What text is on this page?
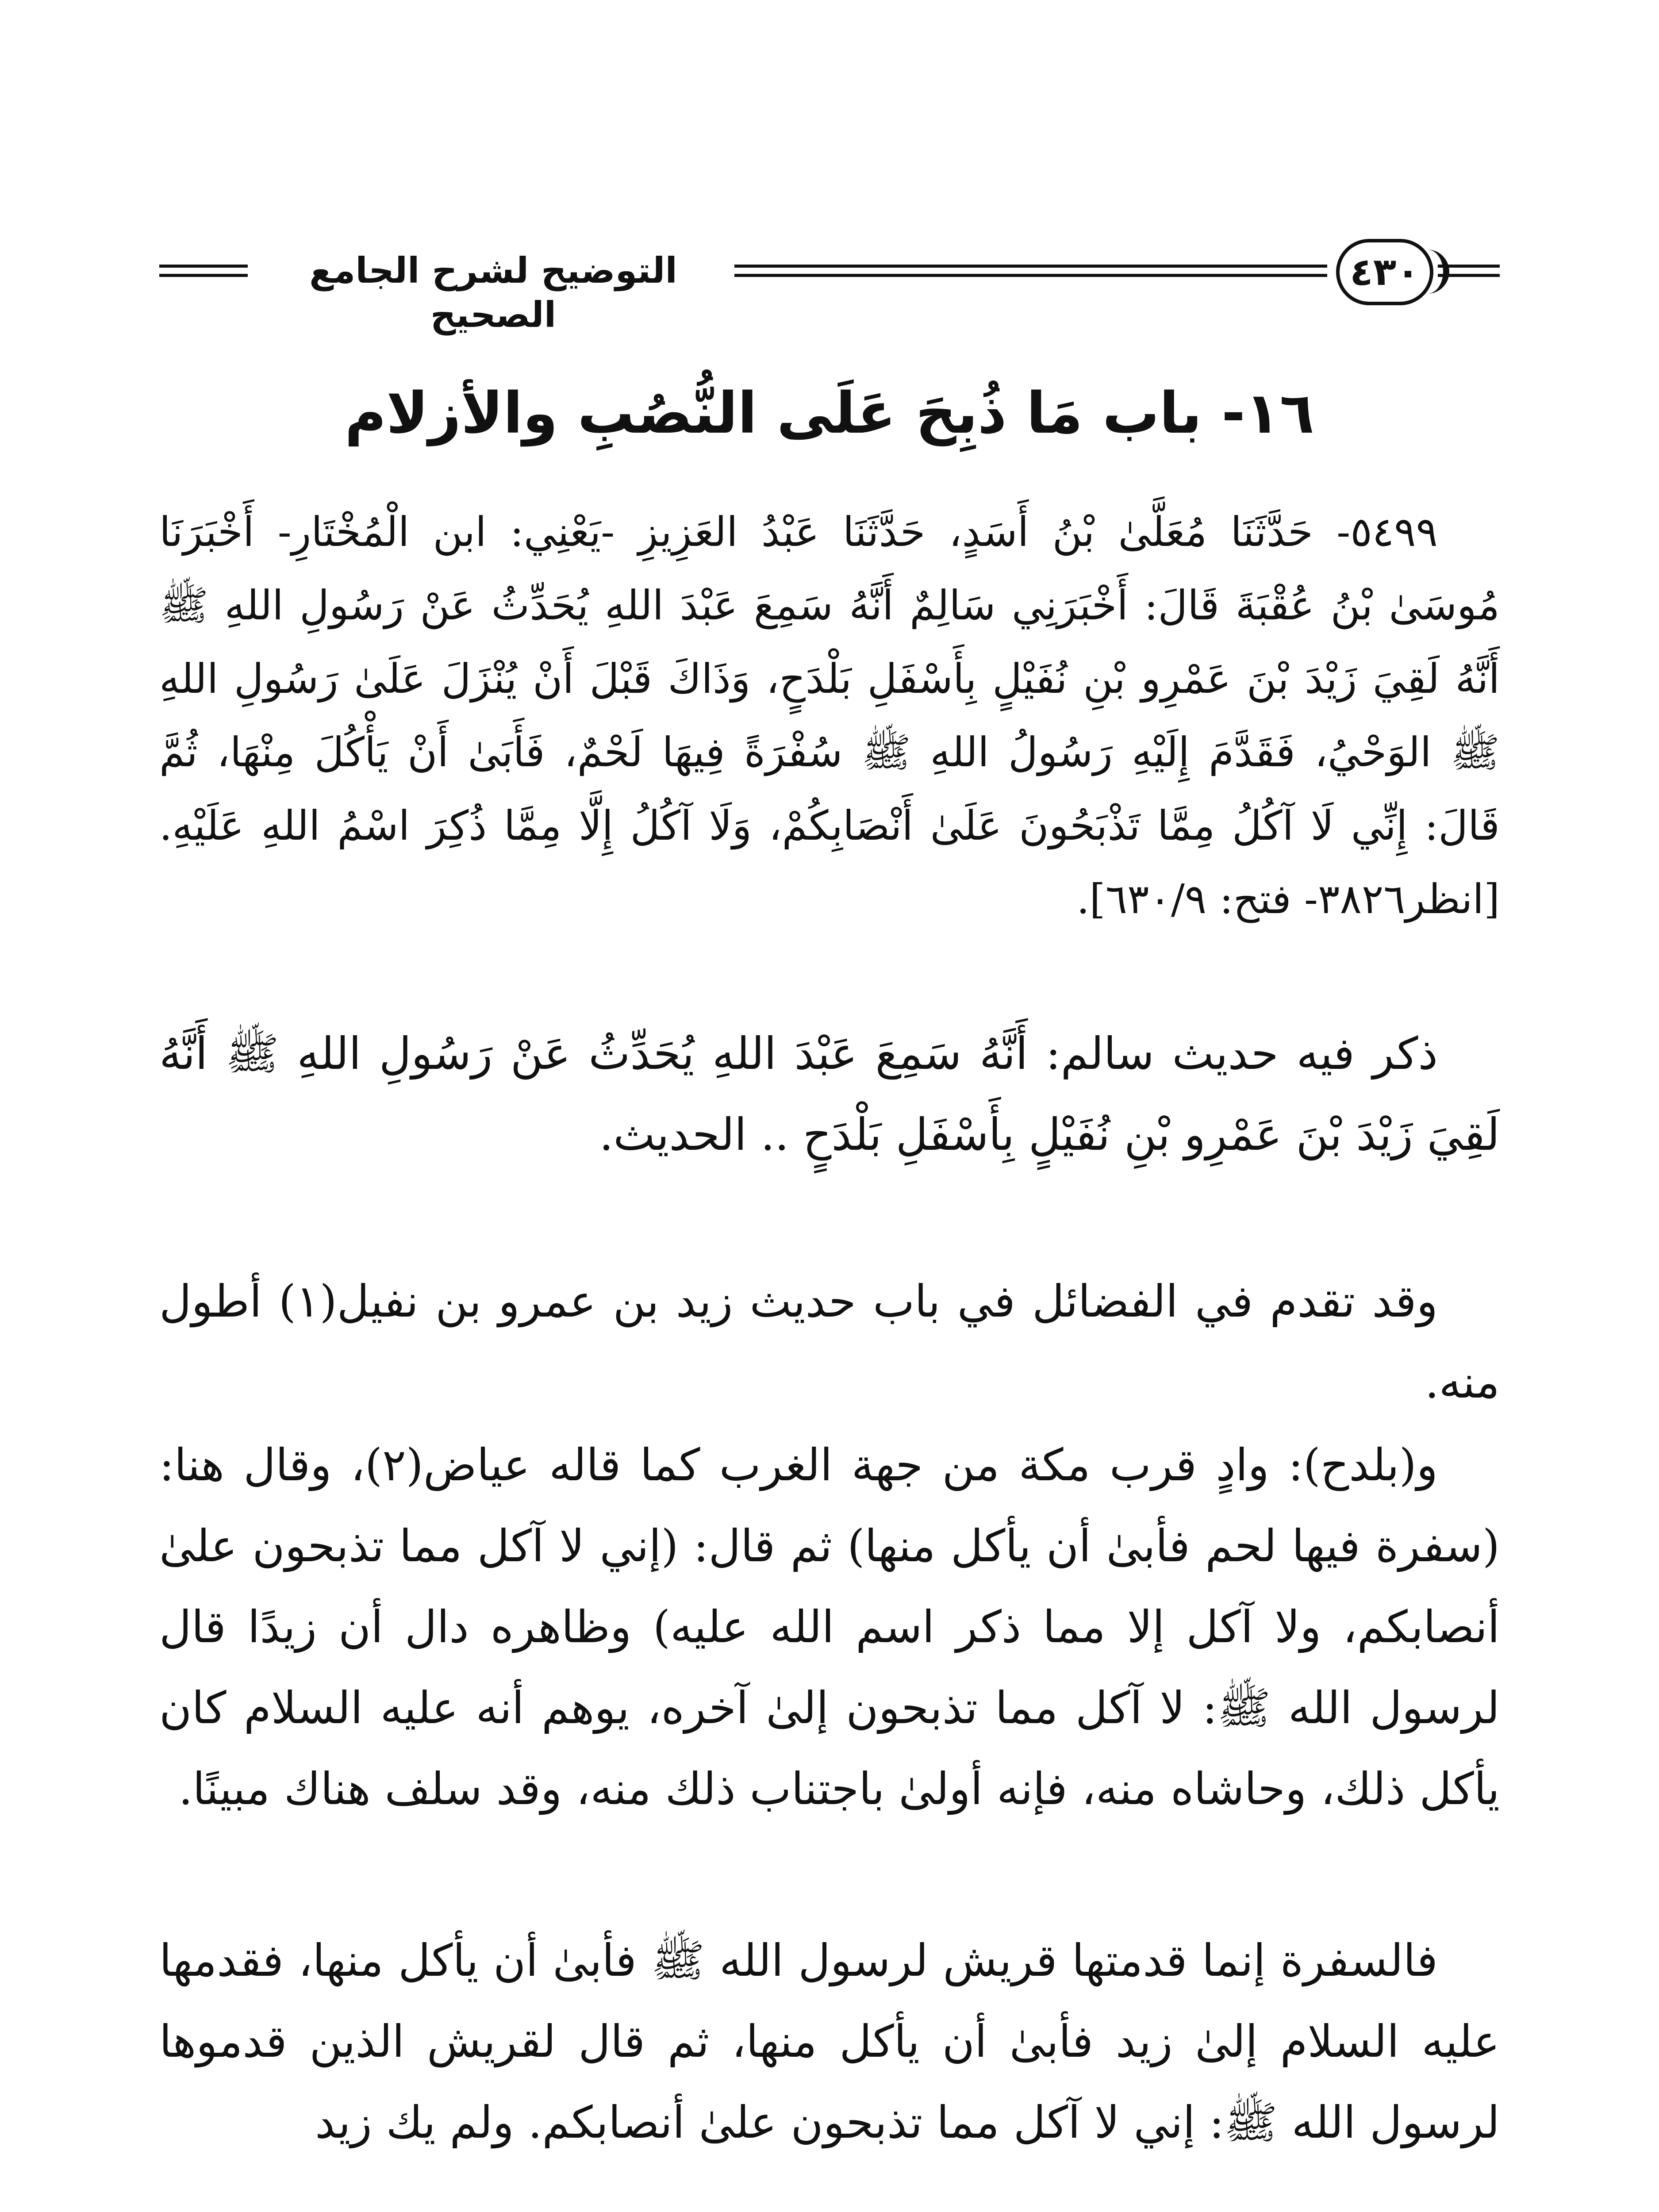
التوضيح لشرح الجامع الصحيح
٤٣٠
١٦- باب مَا ذُبِحَ عَلَى النُّصُبِ والأزلام

٥٤٩٩- حَدَّثَنَا مُعَلَّىٰ بْنُ أَسَدٍ، حَدَّثَنَا عَبْدُ العَزِيزِ -يَعْنِي: ابن الْمُخْتَارِ- أَخْبَرَنَا مُوسَىٰ بْنُ عُقْبَةَ قَالَ: أَخْبَرَنِي سَالِمٌ أَنَّهُ سَمِعَ عَبْدَ اللهِ يُحَدِّثُ عَنْ رَسُولِ اللهِ ﷺ أَنَّهُ لَقِيَ زَيْدَ بْنَ عَمْرِو بْنِ نُفَيْلٍ بِأَسْفَلِ بَلْدَحٍ، وَذَاكَ قَبْلَ أَنْ يُنْزَلَ عَلَىٰ رَسُولِ اللهِ ﷺ الوَحْيُ، فَقَدَّمَ إِلَيْهِ رَسُولُ اللهِ ﷺ سُفْرَةً فِيهَا لَحْمٌ، فَأَبَىٰ أَنْ يَأْكُلَ مِنْهَا، ثُمَّ قَالَ: إِنِّي لَا آكُلُ مِمَّا تَذْبَحُونَ عَلَىٰ أَنْصَابِكُمْ، وَلَا آكُلُ إِلَّا مِمَّا ذُكِرَ اسْمُ اللهِ عَلَيْهِ. [انظر٣٨٢٦- فتح: ٦٣٠/٩].

ذكر فيه حديث سالم: أَنَّهُ سَمِعَ عَبْدَ اللهِ يُحَدِّثُ عَنْ رَسُولِ اللهِ ﷺ أَنَّهُ لَقِيَ زَيْدَ بْنَ عَمْرِو بْنِ نُفَيْلٍ بِأَسْفَلِ بَلْدَحٍ .. الحديث.

وقد تقدم في الفضائل في باب حديث زيد بن عمرو بن نفيل(١) أطول منه.

و(بلدح): وادٍ قرب مكة من جهة الغرب كما قاله عياض(٢)، وقال هنا: (سفرة فيها لحم فأبىٰ أن يأكل منها) ثم قال: (إني لا آكل مما تذبحون علىٰ أنصابكم، ولا آكل إلا مما ذكر اسم الله عليه) وظاهره دال أن زيدًا قال لرسول الله ﷺ: لا آكل مما تذبحون إلىٰ آخره، يوهم أنه عليه السلام كان يأكل ذلك، وحاشاه منه، فإنه أولىٰ باجتناب ذلك منه، وقد سلف هناك مبينًا.

فالسفرة إنما قدمتها قريش لرسول الله ﷺ فأبىٰ أن يأكل منها، فقدمها عليه السلام إلىٰ زيد فأبىٰ أن يأكل منها، ثم قال لقريش الذين قدموها لرسول الله ﷺ: إني لا آكل مما تذبحون علىٰ أنصابكم. ولم يك زيد
